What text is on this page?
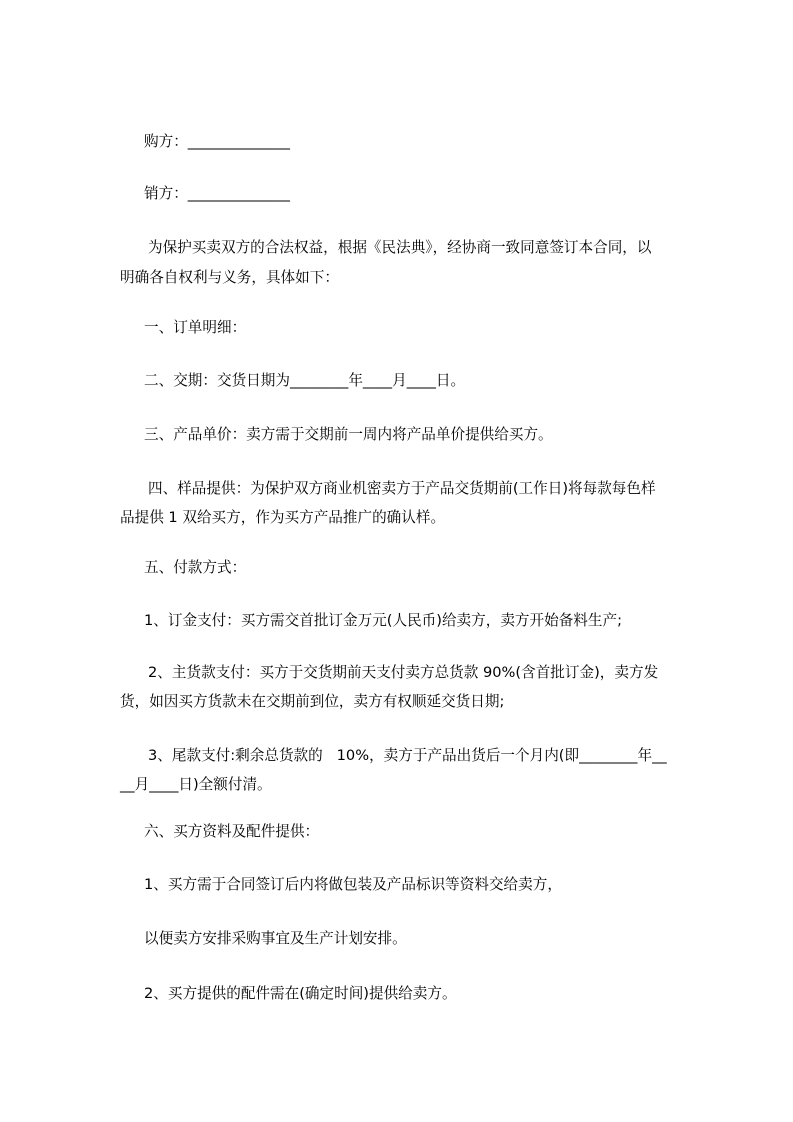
购方：______________
销方：______________
为保护买卖双方的合法权益，根据《民法典》，经协商一致同意签订本合同，以
明确各自权利与义务，具体如下：
一、订单明细：
二、交期：交货日期为________年____月____日。
三、产品单价：卖方需于交期前一周内将产品单价提供给买方。
四、样品提供：为保护双方商业机密卖方于产品交货期前(工作日)将每款每色样
品提供 1 双给买方，作为买方产品推广的确认样。
五、付款方式：
1、订金支付：买方需交首批订金万元(人民币)给卖方，卖方开始备料生产;
2、主货款支付：买方于交货期前天支付卖方总货款 90%(含首批订金)，卖方发
货，如因买方货款未在交期前到位，卖方有权顺延交货日期;
3、尾款支付:剩余总货款的   10%，卖方于产品出货后一个月内(即________年__
__月____日)全额付清。
六、买方资料及配件提供：
1、买方需于合同签订后内将做包装及产品标识等资料交给卖方，
以便卖方安排采购事宜及生产计划安排。
2、买方提供的配件需在(确定时间)提供给卖方。
